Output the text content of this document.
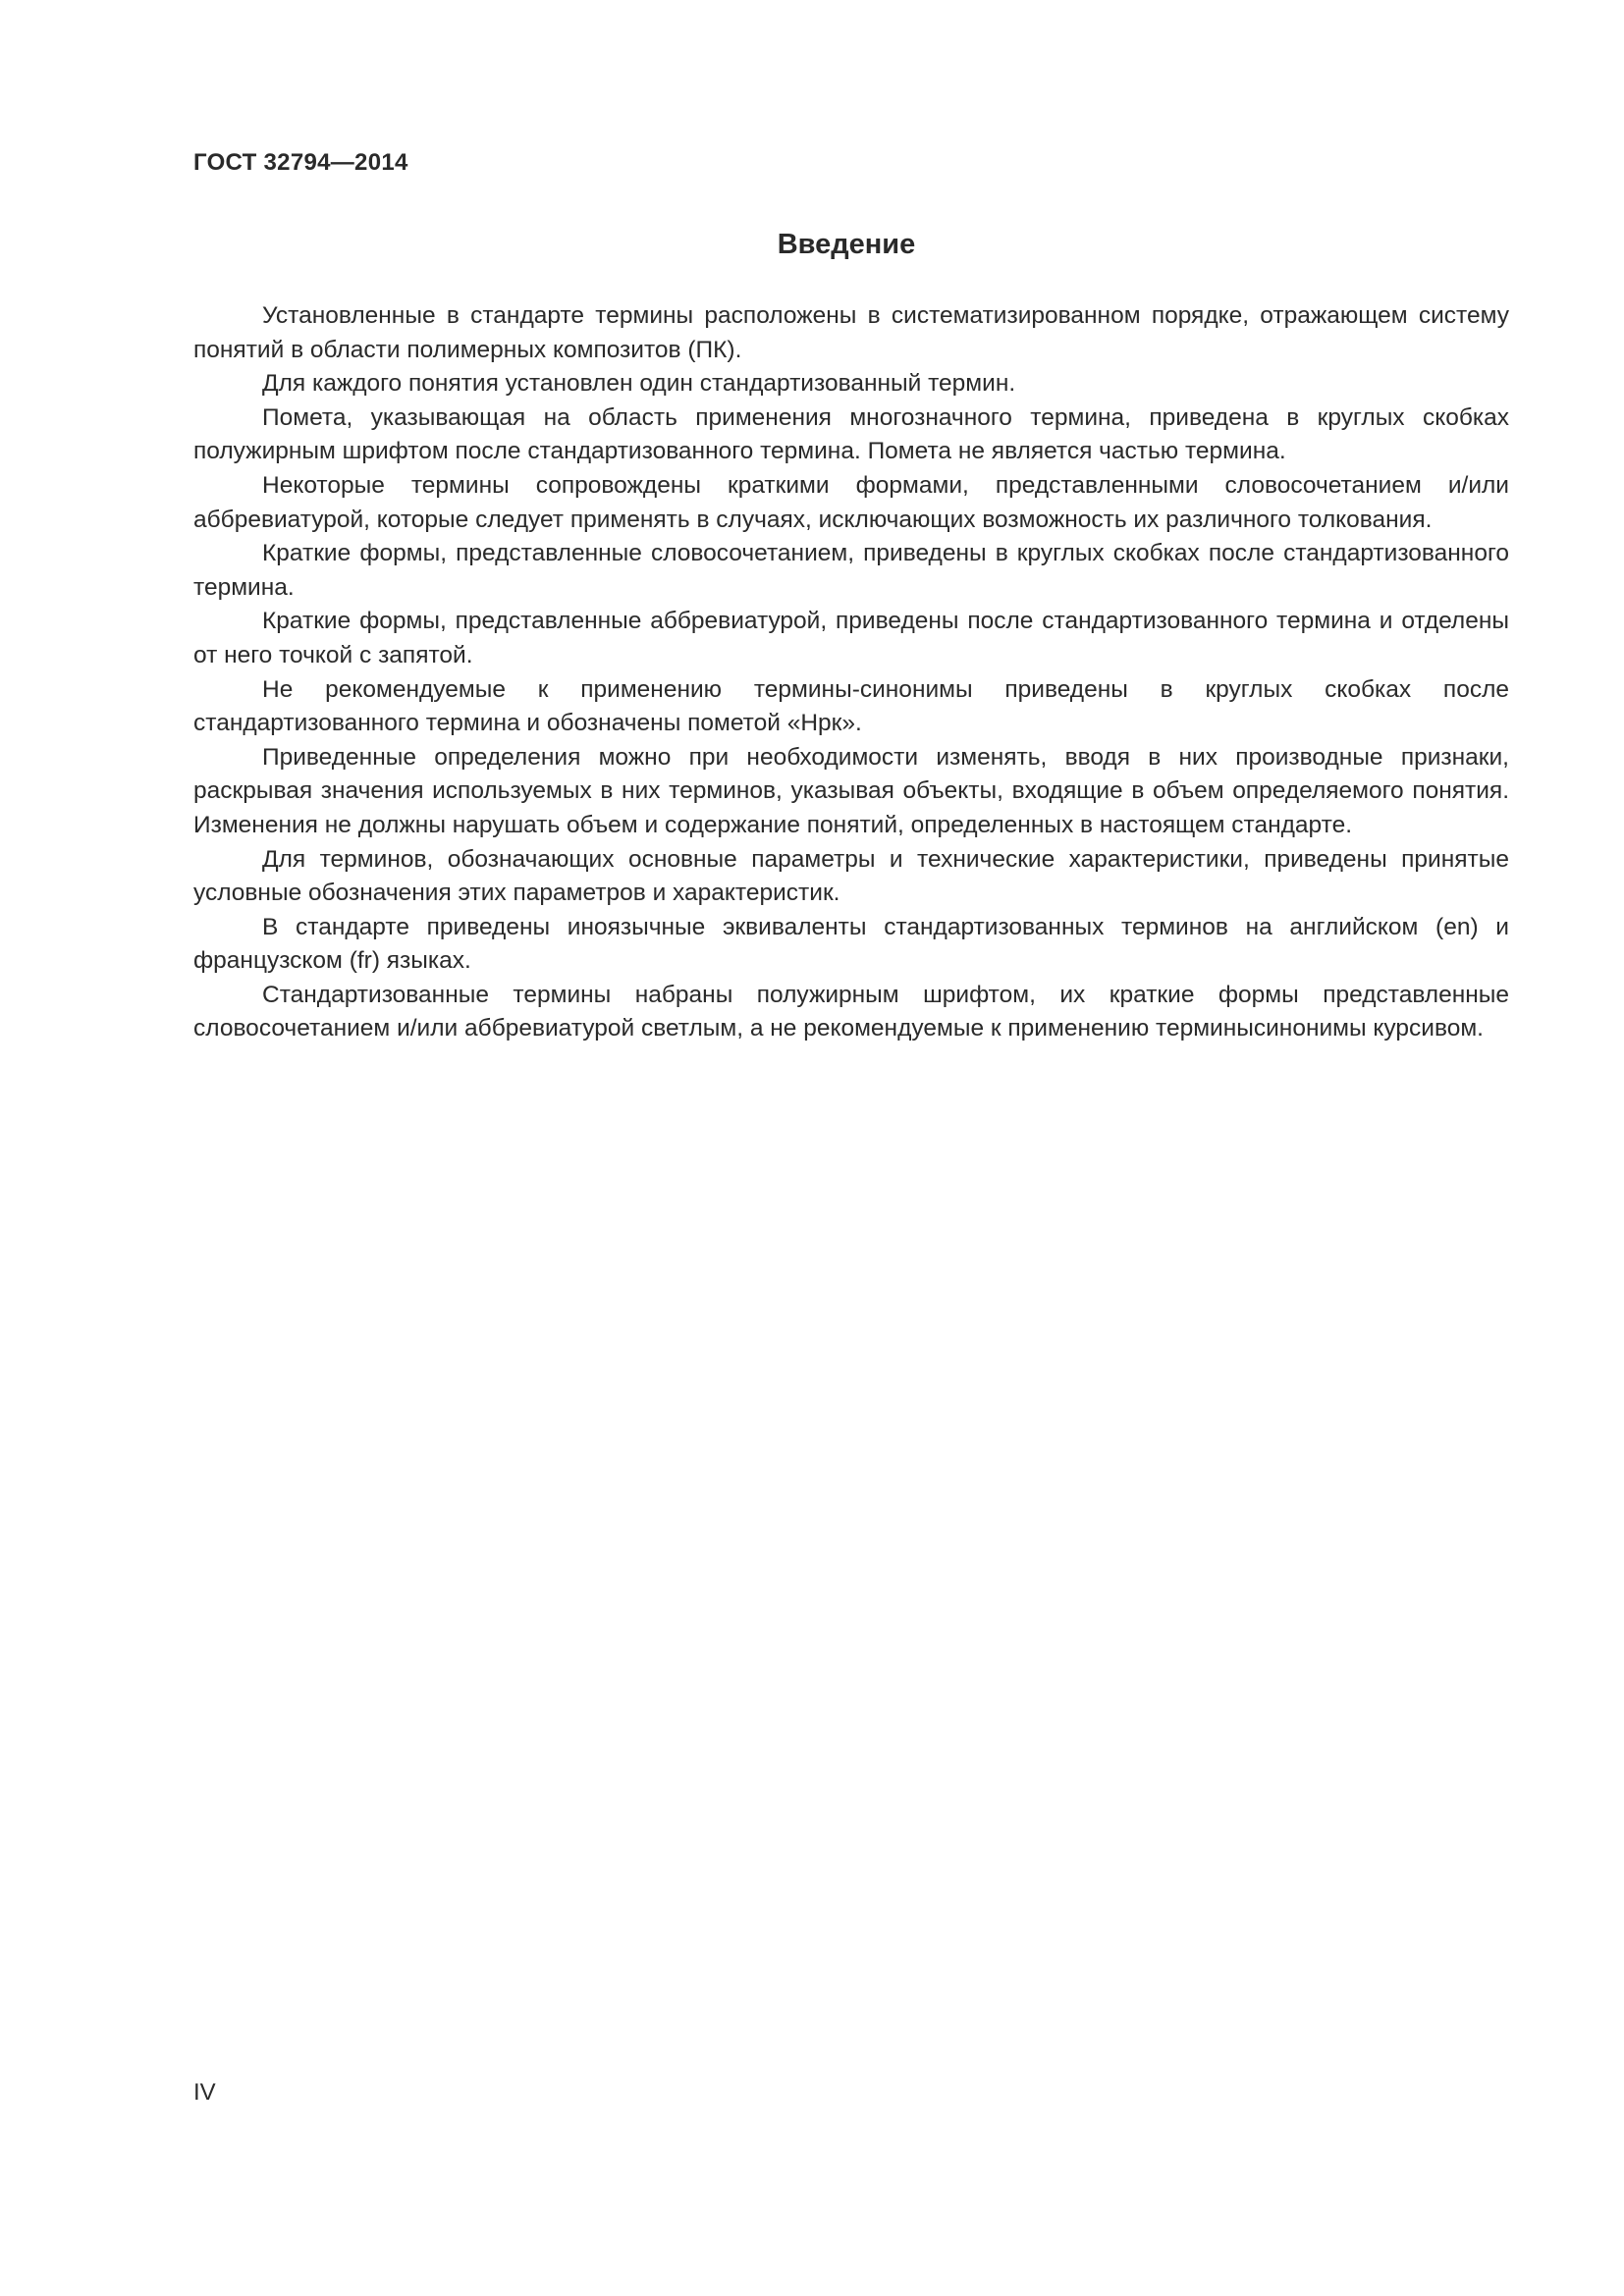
ГОСТ 32794—2014
Введение

Установленные в стандарте термины расположены в систематизированном порядке, отражающем систему понятий в области полимерных композитов (ПК).

Для каждого понятия установлен один стандартизованный термин.

Помета, указывающая на область применения многозначного термина, приведена в круглых скобках полужирным шрифтом после стандартизованного термина. Помета не является частью термина.

Некоторые термины сопровождены краткими формами, представленными словосочетанием и/или аббревиатурой, которые следует применять в случаях, исключающих возможность их различного толкования.

Краткие формы, представленные словосочетанием, приведены в круглых скобках после стандартизованного термина.

Краткие формы, представленные аббревиатурой, приведены после стандартизованного термина и отделены от него точкой с запятой.

Не рекомендуемые к применению термины-синонимы приведены в круглых скобках после стандартизованного термина и обозначены пометой «Нрк».

Приведенные определения можно при необходимости изменять, вводя в них производные признаки, раскрывая значения используемых в них терминов, указывая объекты, входящие в объем определяемого понятия. Изменения не должны нарушать объем и содержание понятий, определенных в настоящем стандарте.

Для терминов, обозначающих основные параметры и технические характеристики, приведены принятые условные обозначения этих параметров и характеристик.

В стандарте приведены иноязычные эквиваленты стандартизованных терминов на английском (en) и французском (fr) языках.

Стандартизованные термины набраны полужирным шрифтом, их краткие формы представленные словосочетанием и/или аббревиатурой светлым, а не рекомендуемые к применению терминысинонимы курсивом.

IV
